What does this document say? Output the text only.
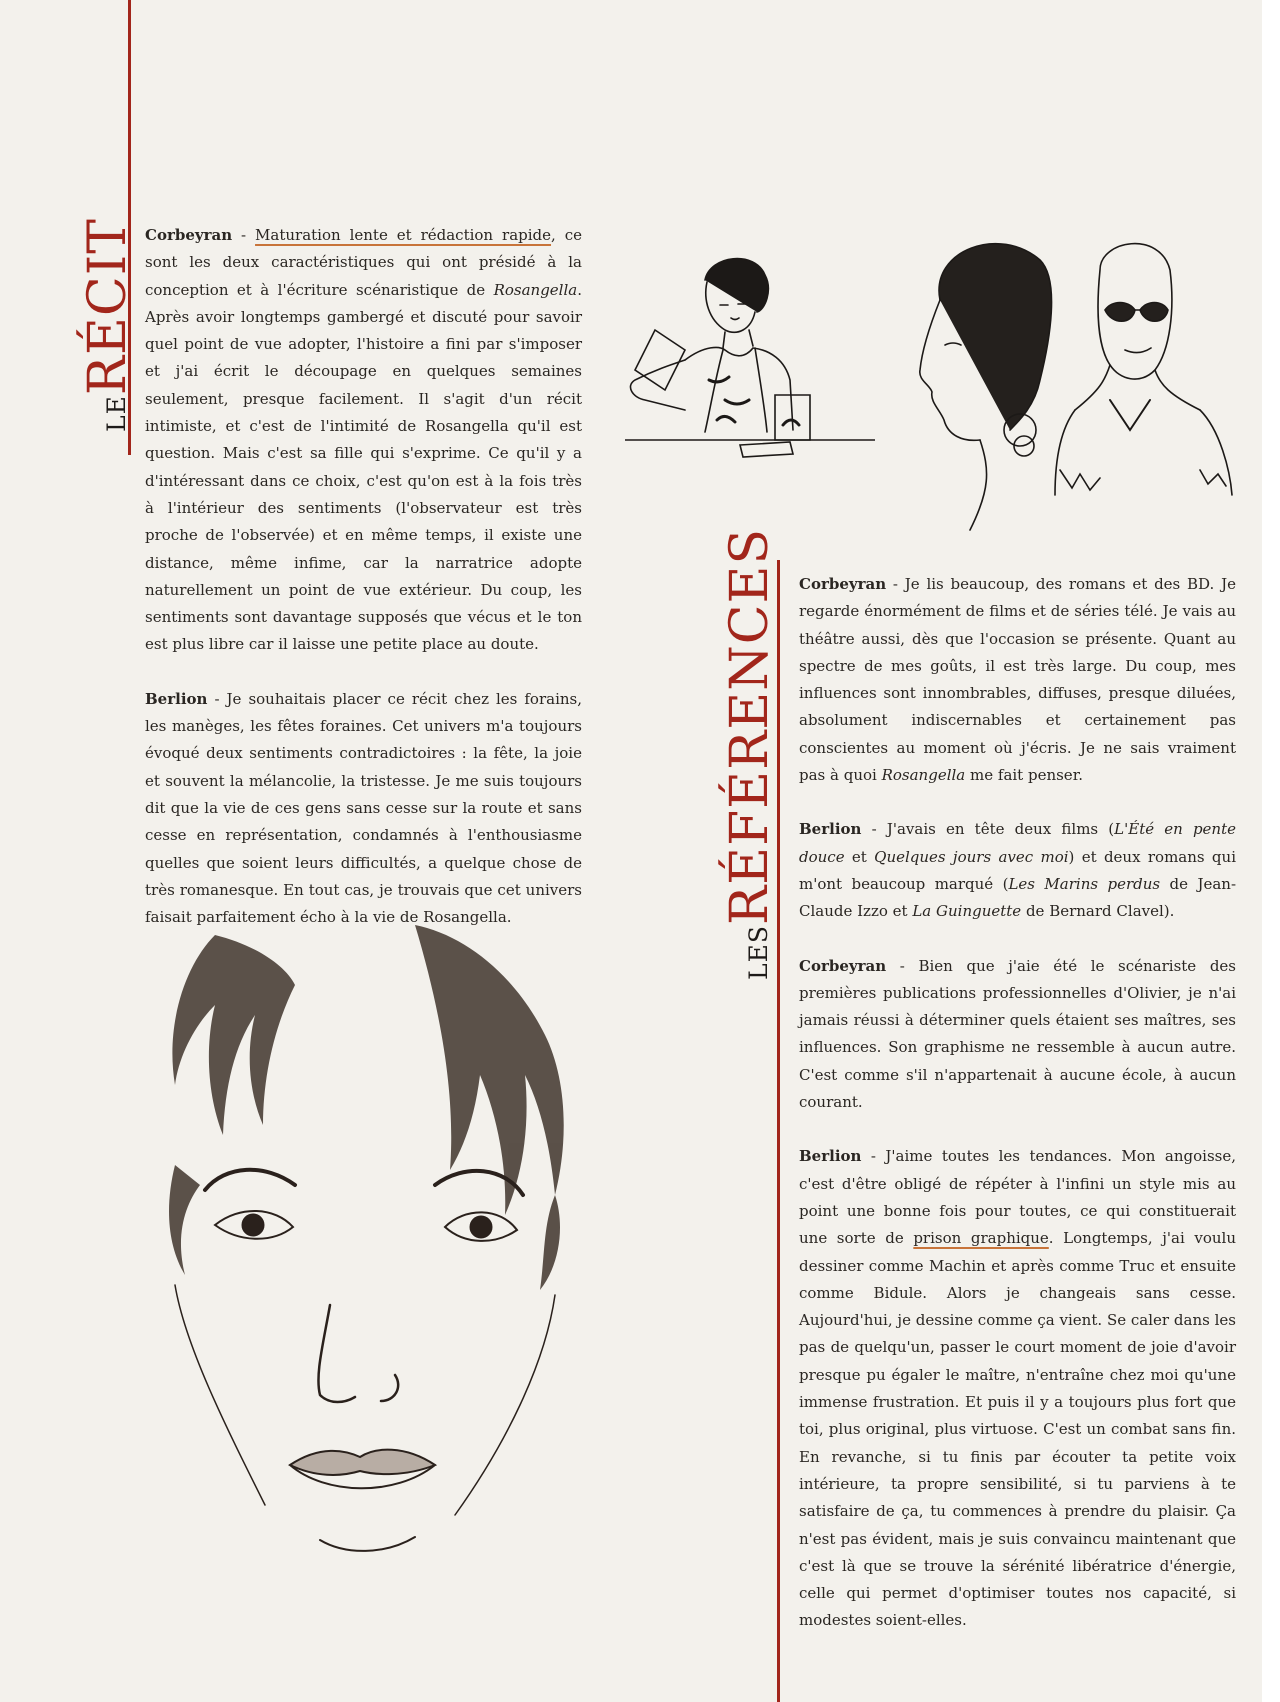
LERÉCIT
LESRÉFÉRENCES

Corbeyran - Maturation lente et rédaction rapide, ce sont les deux caractéristiques qui ont présidé à la conception et à l'écriture scénaristique de Rosangella. Après avoir longtemps gambergé et discuté pour savoir quel point de vue adopter, l'histoire a fini par s'imposer et j'ai écrit le découpage en quelques semaines seulement, presque facilement. Il s'agit d'un récit intimiste, et c'est de l'intimité de Rosangella qu'il est question. Mais c'est sa fille qui s'exprime. Ce qu'il y a d'intéressant dans ce choix, c'est qu'on est à la fois très à l'intérieur des sentiments (l'observateur est très proche de l'observée) et en même temps, il existe une distance, même infime, car la narratrice adopte naturellement un point de vue extérieur. Du coup, les sentiments sont davantage supposés que vécus et le ton est plus libre car il laisse une petite place au doute.

Berlion - Je souhaitais placer ce récit chez les forains, les manèges, les fêtes foraines. Cet univers m'a toujours évoqué deux sentiments contradictoires : la fête, la joie et souvent la mélancolie, la tristesse. Je me suis toujours dit que la vie de ces gens sans cesse sur la route et sans cesse en représentation, condamnés à l'enthousiasme quelles que soient leurs difficultés, a quelque chose de très romanesque. En tout cas, je trouvais que cet univers faisait parfaitement écho à la vie de Rosangella.

Corbeyran - Je lis beaucoup, des romans et des BD. Je regarde énormément de films et de séries télé. Je vais au théâtre aussi, dès que l'occasion se présente. Quant au spectre de mes goûts, il est très large. Du coup, mes influences sont innombrables, diffuses, presque diluées, absolument indiscernables et certainement pas conscientes au moment où j'écris. Je ne sais vraiment pas à quoi Rosangella me fait penser.

Berlion - J'avais en tête deux films (L'Été en pente douce et Quelques jours avec moi) et deux romans qui m'ont beaucoup marqué (Les Marins perdus de Jean-Claude Izzo et La Guinguette de Bernard Clavel).

Corbeyran - Bien que j'aie été le scénariste des premières publications professionnelles d'Olivier, je n'ai jamais réussi à déterminer quels étaient ses maîtres, ses influences. Son graphisme ne ressemble à aucun autre. C'est comme s'il n'appartenait à aucune école, à aucun courant.

Berlion - J'aime toutes les tendances. Mon angoisse, c'est d'être obligé de répéter à l'infini un style mis au point une bonne fois pour toutes, ce qui constituerait une sorte de prison graphique. Longtemps, j'ai voulu dessiner comme Machin et après comme Truc et ensuite comme Bidule. Alors je changeais sans cesse. Aujourd'hui, je dessine comme ça vient. Se caler dans les pas de quelqu'un, passer le court moment de joie d'avoir presque pu égaler le maître, n'entraîne chez moi qu'une immense frustration. Et puis il y a toujours plus fort que toi, plus original, plus virtuose. C'est un combat sans fin. En revanche, si tu finis par écouter ta petite voix intérieure, ta propre sensibilité, si tu parviens à te satisfaire de ça, tu commences à prendre du plaisir. Ça n'est pas évident, mais je suis convaincu maintenant que c'est là que se trouve la sérénité libératrice d'énergie, celle qui permet d'optimiser toutes nos capacité, si modestes soient-elles.
